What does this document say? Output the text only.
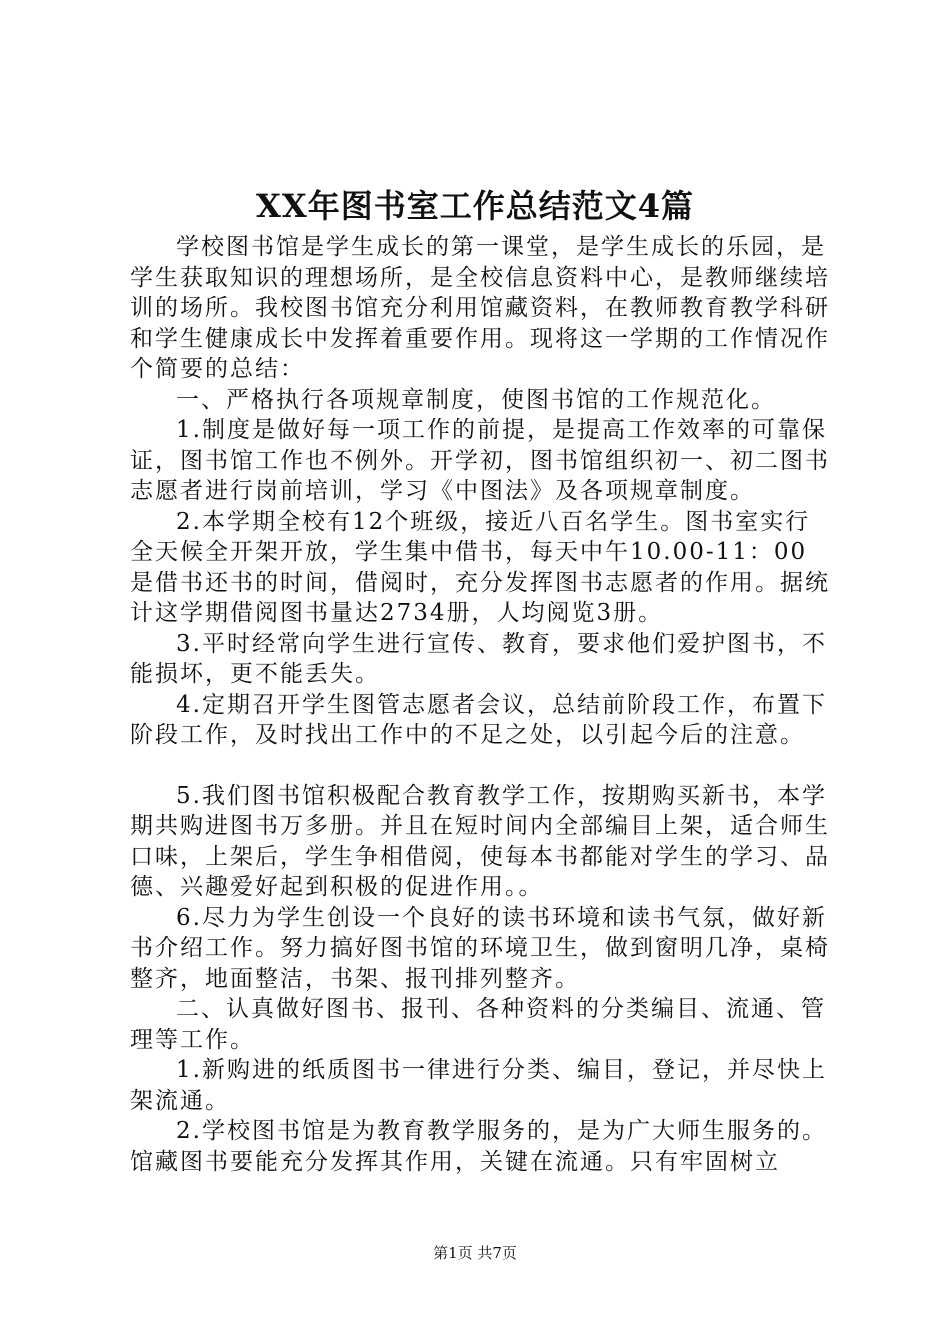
XX年图书室工作总结范文4篇

学校图书馆是学生成长的第一课堂，是学生成长的乐园，是学生获取知识的理想场所，是全校信息资料中心，是教师继续培训的场所。我校图书馆充分利用馆藏资料，在教师教育教学科研和学生健康成长中发挥着重要作用。现将这一学期的工作情况作个简要的总结：

一、严格执行各项规章制度，使图书馆的工作规范化。

1.制度是做好每一项工作的前提，是提高工作效率的可靠保证，图书馆工作也不例外。开学初，图书馆组织初一、初二图书志愿者进行岗前培训，学习《中图法》及各项规章制度。

2.本学期全校有12个班级，接近八百名学生。图书室实行全天候全开架开放，学生集中借书，每天中午10.00-11：00是借书还书的时间，借阅时，充分发挥图书志愿者的作用。据统计这学期借阅图书量达2734册，人均阅览3册。

3.平时经常向学生进行宣传、教育，要求他们爱护图书，不能损坏，更不能丢失。

4.定期召开学生图管志愿者会议，总结前阶段工作，布置下阶段工作，及时找出工作中的不足之处，以引起今后的注意。

5.我们图书馆积极配合教育教学工作，按期购买新书，本学期共购进图书万多册。并且在短时间内全部编目上架，适合师生口味，上架后，学生争相借阅，使每本书都能对学生的学习、品德、兴趣爱好起到积极的促进作用。。

6.尽力为学生创设一个良好的读书环境和读书气氛，做好新书介绍工作。努力搞好图书馆的环境卫生，做到窗明几净，桌椅整齐，地面整洁，书架、报刊排列整齐。

二、认真做好图书、报刊、各种资料的分类编目、流通、管理等工作。

1.新购进的纸质图书一律进行分类、编目，登记，并尽快上架流通。

2.学校图书馆是为教育教学服务的，是为广大师生服务的。馆藏图书要能充分发挥其作用，关键在流通。只有牢固树立

第1页 共7页
